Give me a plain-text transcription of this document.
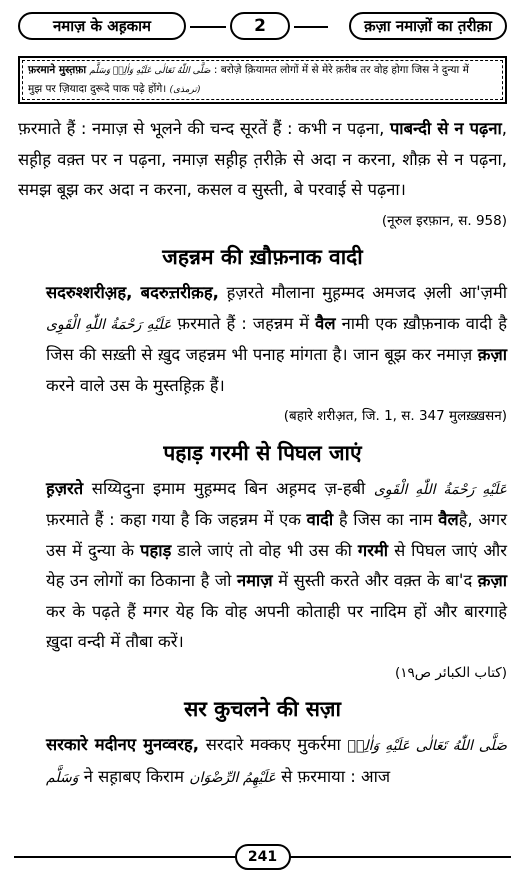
नमाज़ के अह़काम	2	क़ज़ा नमाज़ों का त़रीक़ा
फ़रमाने मुस्त़फ़ा صَلَّى اللّٰهُ تَعَالٰى عَلَيْهِ وَاٰلِهٖ وَسَلَّم : बरोज़े क़ियामत लोगों में से मेरे क़रीब तर वोह होगा जिस ने दुन्या में
मुझ पर ज़ियादा दुरूदे पाक पढ़े होंगे। (ترمذی)

फ़रमाते हैं : नमाज़ से भूलने की चन्द सूरतें हैं : कभी न पढ़ना, पाबन्दी से न पढ़ना, सह़ीह़ वक़्त पर न पढ़ना, नमाज़ सह़ीह़ त़रीक़े से अदा न करना, शौक़ से न पढ़ना, समझ बूझ कर अदा न करना, कसल व सुस्ती, बे परवाई से पढ़ना।
(नूरुल इरफ़ान, स. 958)

जहन्नम की ख़ौफ़नाक वादी

सदरुश्शरीअ़ह, बदरुत्त़रीक़ह, ह़ज़रते मौलाना मुह़म्मद अमजद अ़ली आ'ज़मी عَلَيْهِ رَحْمَةُ اللّٰهِ الْقَوِى फ़रमाते हैं : जहन्नम में वैल नामी एक ख़ौफ़नाक वादी है जिस की सख़्ती से ख़ुद जहन्नम भी पनाह मांगता है। जान बूझ कर नमाज़ क़ज़ा करने वाले उस के मुस्तह़िक़ हैं।
(बहारे शरीअ़त, जि. 1, स. 347 मुलख़्ख़सन)

पहाड़ गरमी से पिघल जाएं

ह़ज़रते सय्यिदुना इमाम मुह़म्मद बिन अह़मद ज़-हबी عَلَيْهِ رَحْمَةُ اللّٰهِ الْقَوِى फ़रमाते हैं : कहा गया है कि जहन्नम में एक वादी है जिस का नाम वैलहै, अगर उस में दुन्या के पहाड़ डाले जाएं तो वोह भी उस की गरमी से पिघल जाएं और येह उन लोगों का ठिकाना है जो नमाज़ में सुस्ती करते और वक़्त के बा'द क़ज़ा कर के पढ़ते हैं मगर येह कि वोह अपनी कोताही पर नादिम हों और बारगाहे ख़ुदा वन्दी में तौबा करें।
(کتاب الکبائر ص۱۹)

सर कुचलने की सज़ा

सरकारे मदीनए मुनव्वरह, सरदारे मक्कए मुकर्रमा صَلَّى اللّٰهُ تَعَالٰى عَلَيْهِ وَاٰلِهٖ وَسَلَّم ने सह़ाबए किराम عَلَيْهِمُ الرِّضْوَان से फ़रमाया : आज

241
